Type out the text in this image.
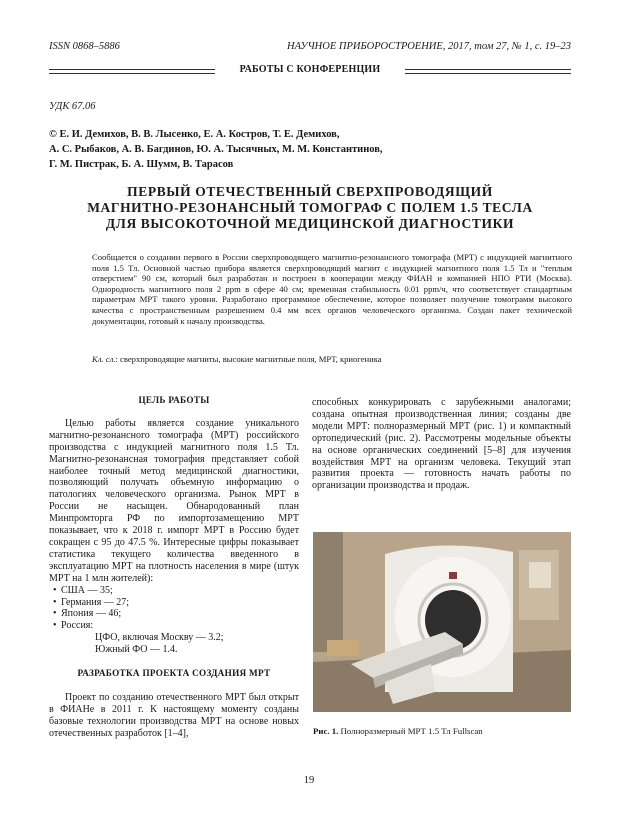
ISSN 0868–5886	НАУЧНОЕ ПРИБОРОСТРОЕНИЕ, 2017, том 27, № 1, c. 19–23
РАБОТЫ С КОНФЕРЕНЦИИ
УДК 67.06
© Е. И. Демихов, В. В. Лысенко, Е. А. Костров, Т. Е. Демихов,
А. С. Рыбаков, А. В. Багдинов, Ю. А. Тысячных, М. М. Константинов,
Г. М. Пистрак, Б. А. Шумм, В. Тарасов
ПЕРВЫЙ ОТЕЧЕСТВЕННЫЙ СВЕРХПРОВОДЯЩИЙ
МАГНИТНО-РЕЗОНАНСНЫЙ ТОМОГРАФ С ПОЛЕМ 1.5 ТЕСЛА
ДЛЯ ВЫСОКОТОЧНОЙ МЕДИЦИНСКОЙ ДИАГНОСТИКИ
Сообщается о создании первого в России сверхпроводящего магнитно-резонансного томографа (МРТ) с индукцией магнитного поля 1.5 Тл. Основной частью прибора является сверхпроводящий магнит с индукцией магнитного поля 1.5 Тл и "теплым отверстием" 90 см, который был разработан и построен в кооперации между ФИАН и компанией НПО РТИ (Москва). Однородность магнитного поля 2 ppm в сфере 40 см; временная стабильность 0.01 ppm/ч, что соответствует стандартным параметрам МРТ такого уровня. Разработано программное обеспечение, которое позволяет получение томограмм высокого качества с пространственным разрешением 0.4 мм всех органов человеческого организма. Создан пакет технической документации, готовый к началу производства.
Кл. сл.: сверхпроводящие магниты, высокие магнитные поля, МРТ, криогеника
ЦЕЛЬ РАБОТЫ

Целью работы является создание уникального магнитно-резонансного томографа (МРТ) российского производства с индукцией магнитного поля 1.5 Тл. Магнитно-резонансная томография представляет собой наиболее точный метод медицинской диагностики, позволяющий получать объемную информацию о патологиях человеческого организма. Рынок МРТ в России не насыщен. Обнародованный план Минпромторга РФ по импортозамещению МРТ показывает, что к 2018 г. импорт МРТ в Россию будет сокращен с 95 до 47.5 %. Интересные цифры показывает статистика текущего количества введенного в эксплуатацию МРТ на плотность населения в мире (штук МРТ на 1 млн жителей):

• США — 35;
• Германия — 27;
• Япония — 46;
• Россия:
ЦФО, включая Москву — 3.2;
Южный ФО — 1.4.
РАЗРАБОТКА ПРОЕКТА СОЗДАНИЯ МРТ

Проект по созданию отечественного МРТ был открыт в ФИАНе в 2011 г. К настоящему моменту созданы базовые технологии производства МРТ на основе новых отечественных разработок [1–4],

способных конкурировать с зарубежными аналогами; создана опытная производственная линия; созданы две модели МРТ: полноразмерный МРТ (рис. 1) и компактный ортопедический (рис. 2). Рассмотрены модельные объекты на основе органических соединений [5–8] для изучения воздействия МРТ на организм человека. Текущий этап развития проекта — готовность начать работы по организации производства и продаж.

Рис. 1. Полноразмерный МРТ 1.5 Тл Fullscan
19
